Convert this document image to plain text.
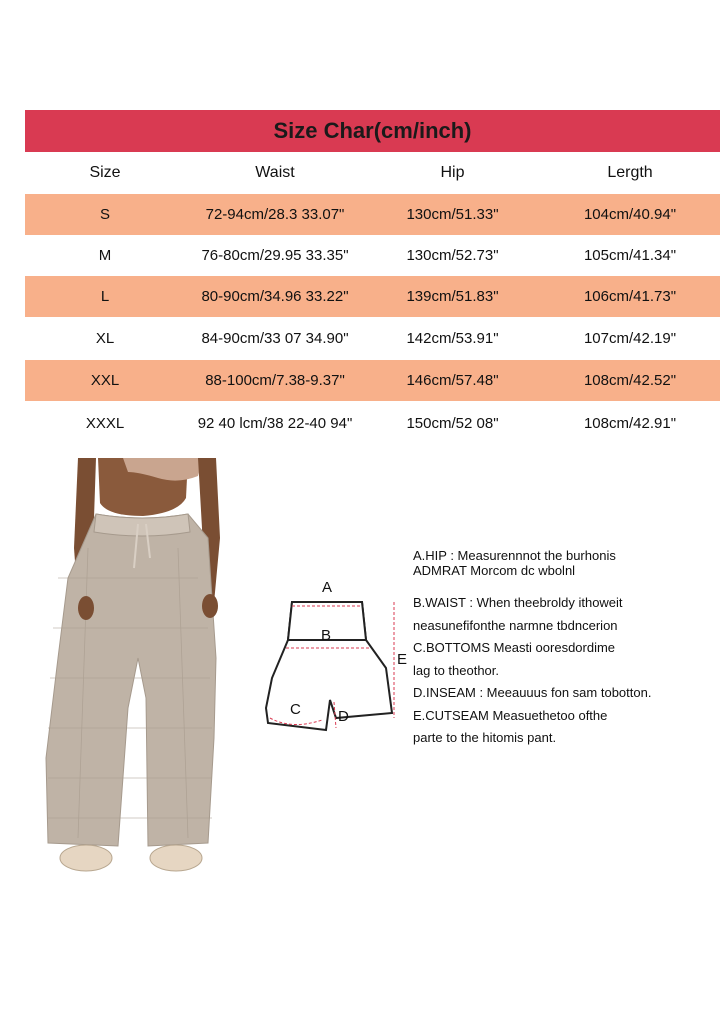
Size Char(cm/inch)
Size	Waist	Hip	Lergth
S	72-94cm/28.3 33.07"	130cm/51.33"	104cm/40.94"
M	76-80cm/29.95 33.35"	130cm/52.73"	105cm/41.34"
L	80-90cm/34.96 33.22"	139cm/51.83"	106cm/41.73"
XL	84-90cm/33 07 34.90"	142cm/53.91"	107cm/42.19"
XXL	88-100cm/7.38-9.37"	146cm/57.48"	108cm/42.52"
XXXL	92 40 lcm/38 22-40 94"	150cm/52 08"	108cm/42.91"
A
B
C D
E
A.HIP : Measurennnot the burhonis
ADMRAT Morcom dc wbolnl
B.WAIST : When theebroldy ithoweit
neasunefifonthe narmne tbdncerion
C.BOTTOMS Measti ooresdordime
lag to theothor.
D.INSEAM : Meeauuus fon sam tobotton.
E.CUTSEAM Measuethetoo ofthe
parte to the hitomis pant.
